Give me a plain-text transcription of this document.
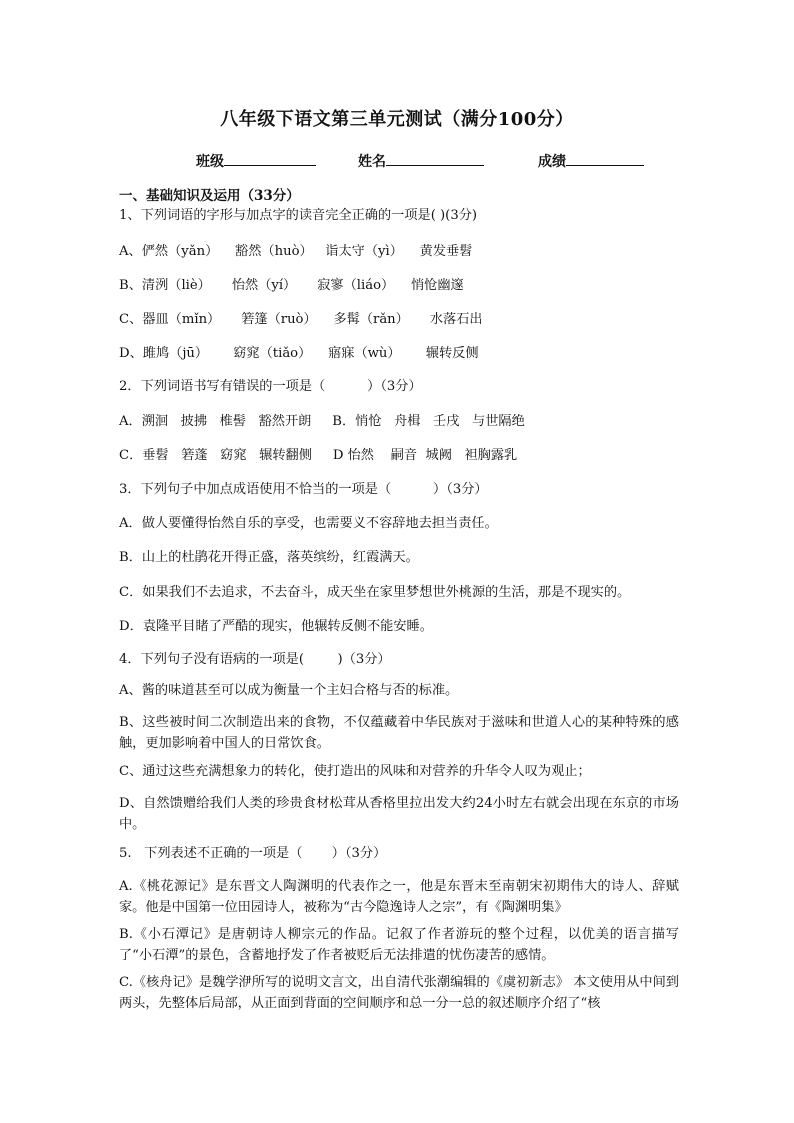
八年级下语文第三单元测试（满分100分）
班级	姓名	成绩
一、基础知识及运用（33分）
1、下列词语的字形与加点字的读音完全正确的一项是( )(3分)
A、俨然（yǎn）    豁然（huò）   诣太守（yì）    黄发垂髫
B、清洌（liè）     怡然（yí）     寂寥（liáo）    悄怆幽邃
C、器皿（mǐn）     箬篷（ruò）    多髯（rǎn）     水落石出
D、雎鸠（jū）      窈窕（tiǎo）    寤寐（wù）      辗转反侧
2．下列词语书写有错误的一项是（          ）（3分）
A．溯洄   披拂   椎髻   豁然开朗     B．悄怆   舟楫   壬戌   与世隔绝
C．垂髫   箬蓬   窈窕   辗转翻侧     D 怡然    嗣音  城阙   袒胸露乳
3．下列句子中加点成语使用不恰当的一项是（          ）（3分）
A．做人要懂得怡然自乐的享受，也需要义不容辞地去担当责任。
B．山上的杜鹃花开得正盛，落英缤纷，红霞满天。
C．如果我们不去追求，不去奋斗，成天坐在家里梦想世外桃源的生活，那是不现实的。
D．袁隆平目睹了严酷的现实，他辗转反侧不能安睡。
4．下列句子没有语病的一项是(        )（3分）
A、酱的味道甚至可以成为衡量一个主妇合格与否的标准。
B、这些被时间二次制造出来的食物，不仅蕴藏着中华民族对于滋味和世道人心的某种特殊的感触，更加影响着中国人的日常饮食。
C、通过这些充满想象力的转化，使打造出的风味和对营养的升华令人叹为观止；
D、自然馈赠给我们人类的珍贵食材松茸从香格里拉出发大约24小时左右就会出现在东京的市场中。
5.   下列表述不正确的一项是（       ）（3分）
A.《桃花源记》是东晋文人陶渊明的代表作之一，他是东晋末至南朝宋初期伟大的诗人、辞赋家。他是中国第一位田园诗人，被称为“古今隐逸诗人之宗”，有《陶渊明集》
B.《小石潭记》是唐朝诗人柳宗元的作品。记叙了作者游玩的整个过程，以优美的语言描写了“小石潭”的景色，含蓄地抒发了作者被贬后无法排遣的忧伤凄苦的感情。
C.《核舟记》是魏学洢所写的说明文言文，出自清代张潮编辑的《虞初新志》 本文使用从中间到两头，先整体后局部，从正面到背面的空间顺序和总一分一总的叙述顺序介绍了“核
